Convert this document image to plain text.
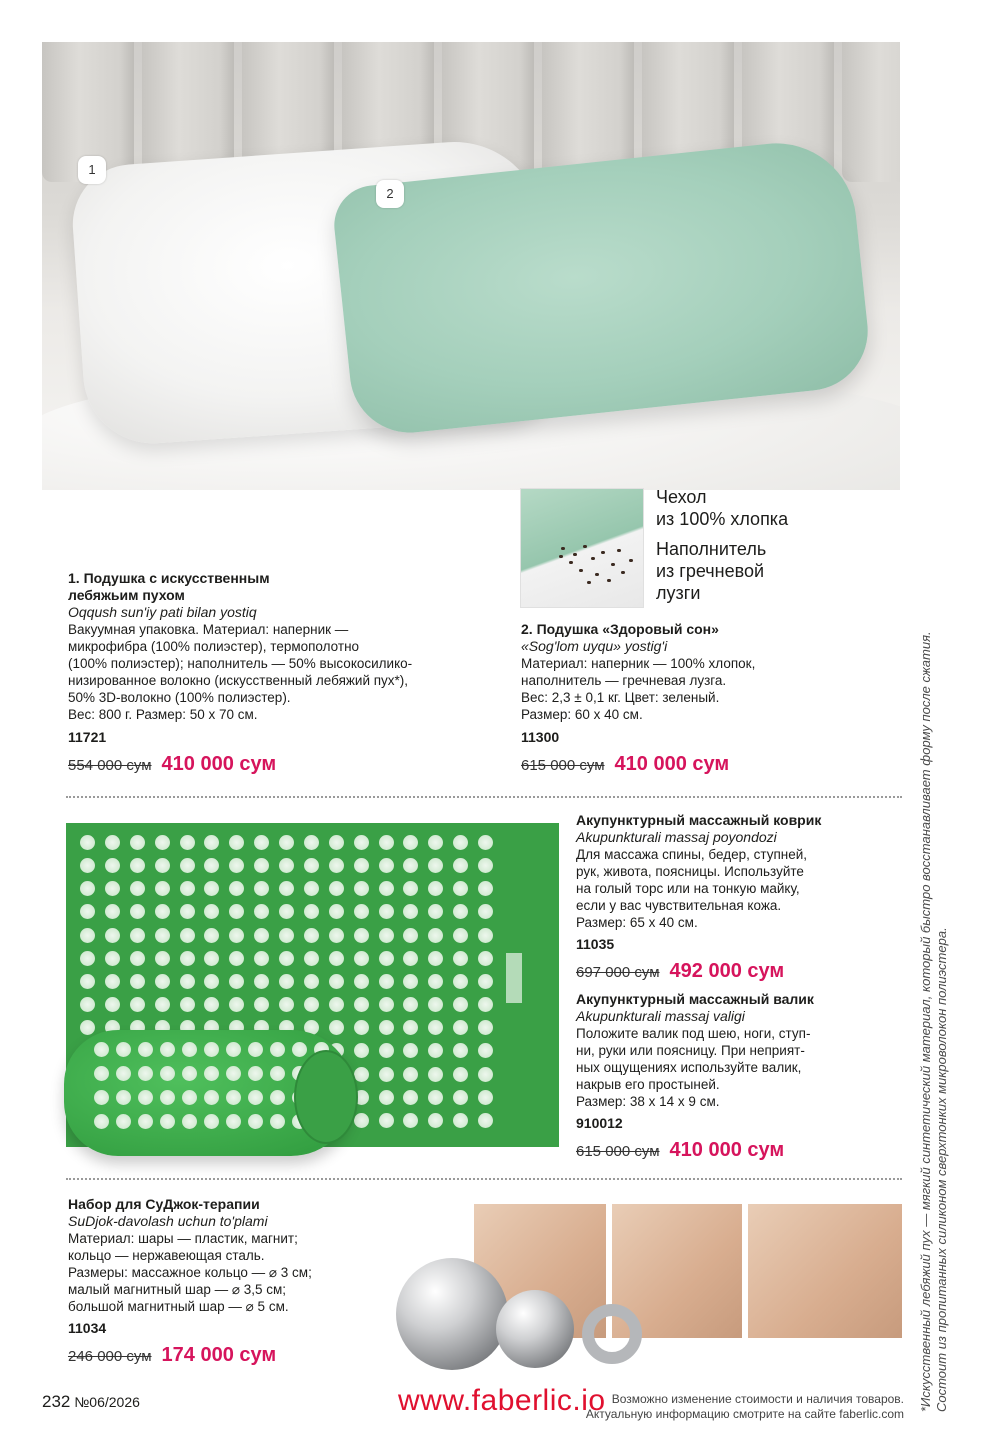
1
2
Чехол
из 100% хлопка
Наполнитель
из гречневой
лузги
1. Подушка с искусственным
лебяжьим пухом
Oqqush sun'iy pati bilan yostiq
Вакуумная упаковка. Материал: наперник —
микрофибра (100% полиэстер), термополотно
(100% полиэстер); наполнитель — 50% высокосилико-
низированное волокно (искусственный лебяжий пух*),
50% 3D-волокно (100% полиэстер).
Вес: 800 г. Размер: 50 х 70 см.
11721
554 000 сум 410 000 сум
2. Подушка «Здоровый сон»
«Sog'lom uyqu» yostig'i
Материал: наперник — 100% хлопок,
наполнитель — гречневая лузга.
Вес: 2,3 ± 0,1 кг. Цвет: зеленый.
Размер: 60 х 40 см.
11300
615 000 сум 410 000 сум
Акупунктурный массажный коврик
Akupunkturali massaj poyondozi
Для массажа спины, бедер, ступней,
рук, живота, поясницы. Используйте
на голый торс или на тонкую майку,
если у вас чувствительная кожа.
Размер: 65 х 40 см.
11035
697 000 сум 492 000 сум
Акупунктурный массажный валик
Akupunkturali massaj valigi
Положите валик под шею, ноги, ступ-
ни, руки или поясницу. При неприят-
ных ощущениях используйте валик,
накрыв его простыней.
Размер: 38 х 14 х 9 см.
910012
615 000 сум 410 000 сум
Набор для СуДжок-терапии
SuDjok-davolash uchun to'plami
Материал: шары — пластик, магнит;
кольцо — нержавеющая сталь.
Размеры: массажное кольцо — ⌀ 3 см;
малый магнитный шар — ⌀ 3,5 см;
большой магнитный шар — ⌀ 5 см.
11034
246 000 сум 174 000 сум	*Искусственный лебяжий пух — мягкий синтетический материал, который быстро восстанавливает форму после сжатия. Состоит из пропитанных силиконом сверхтонких микроволокон полиэстера.
232 №06/2026	Возможно изменение стоимости и наличия товаров.
Актуальную информацию смотрите на сайте faberlic.com
www.faberlic.io
